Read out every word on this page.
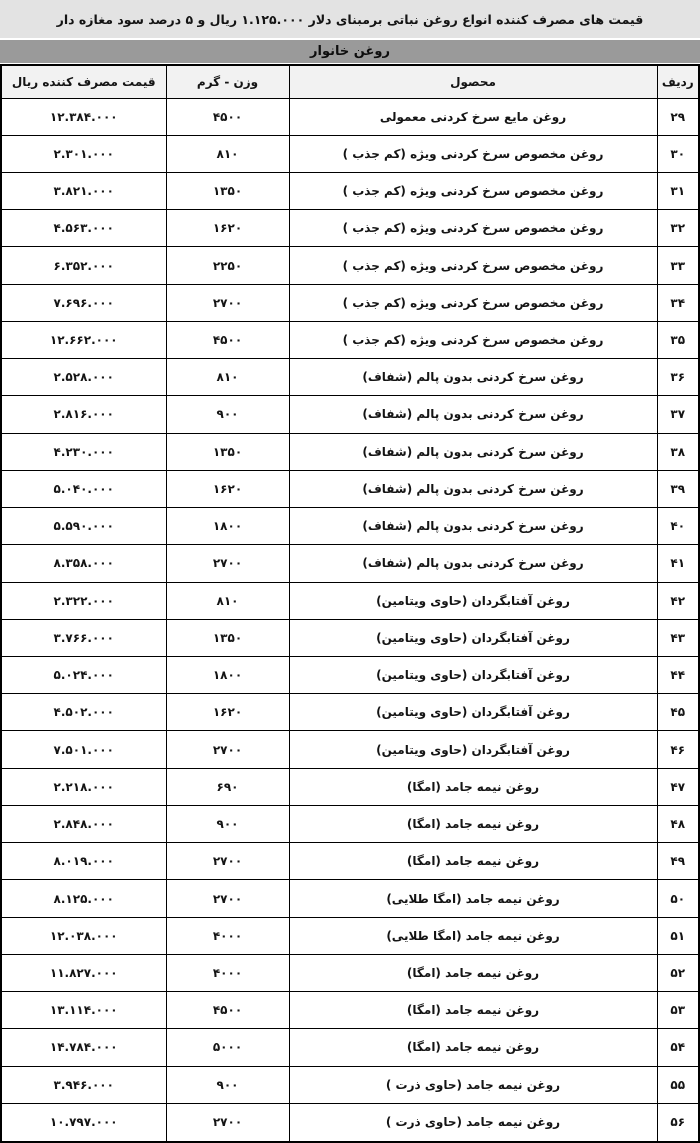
قیمت های مصرف کننده انواع روغن نباتی برمبنای دلار ۱.۱۲۵.۰۰۰ ریال و ۵ درصد سود مغازه دار
روغن خانوار
ردیف	محصول	وزن - گرم	قیمت مصرف کننده ریال
۲۹	روغن مایع سرخ کردنی معمولی	۴۵۰۰	۱۲.۳۸۴.۰۰۰
۳۰	روغن مخصوص سرخ کردنی ویژه (کم جذب )	۸۱۰	۲.۳۰۱.۰۰۰
۳۱	روغن مخصوص سرخ کردنی ویژه (کم جذب )	۱۳۵۰	۳.۸۲۱.۰۰۰
۳۲	روغن مخصوص سرخ کردنی ویژه (کم جذب )	۱۶۲۰	۴.۵۶۳.۰۰۰
۳۳	روغن مخصوص سرخ کردنی ویژه (کم جذب )	۲۲۵۰	۶.۳۵۲.۰۰۰
۳۴	روغن مخصوص سرخ کردنی ویژه (کم جذب )	۲۷۰۰	۷.۶۹۶.۰۰۰
۳۵	روغن مخصوص سرخ کردنی ویژه (کم جذب )	۴۵۰۰	۱۲.۶۶۲.۰۰۰
۳۶	روغن سرخ کردنی بدون پالم (شفاف)	۸۱۰	۲.۵۲۸.۰۰۰
۳۷	روغن سرخ کردنی بدون پالم (شفاف)	۹۰۰	۲.۸۱۶.۰۰۰
۳۸	روغن سرخ کردنی بدون پالم (شفاف)	۱۳۵۰	۴.۲۳۰.۰۰۰
۳۹	روغن سرخ کردنی بدون پالم (شفاف)	۱۶۲۰	۵.۰۴۰.۰۰۰
۴۰	روغن سرخ کردنی بدون پالم (شفاف)	۱۸۰۰	۵.۵۹۰.۰۰۰
۴۱	روغن سرخ کردنی بدون پالم (شفاف)	۲۷۰۰	۸.۳۵۸.۰۰۰
۴۲	روغن آفتابگردان (حاوی ویتامین)	۸۱۰	۲.۳۲۲.۰۰۰
۴۳	روغن آفتابگردان (حاوی ویتامین)	۱۳۵۰	۳.۷۶۶.۰۰۰
۴۴	روغن آفتابگردان (حاوی ویتامین)	۱۸۰۰	۵.۰۲۴.۰۰۰
۴۵	روغن آفتابگردان (حاوی ویتامین)	۱۶۲۰	۴.۵۰۲.۰۰۰
۴۶	روغن آفتابگردان (حاوی ویتامین)	۲۷۰۰	۷.۵۰۱.۰۰۰
۴۷	روغن نیمه جامد (امگا)	۶۹۰	۲.۲۱۸.۰۰۰
۴۸	روغن نیمه جامد (امگا)	۹۰۰	۲.۸۴۸.۰۰۰
۴۹	روغن نیمه جامد (امگا)	۲۷۰۰	۸.۰۱۹.۰۰۰
۵۰	روغن نیمه جامد (امگا طلایی)	۲۷۰۰	۸.۱۲۵.۰۰۰
۵۱	روغن نیمه جامد (امگا طلایی)	۴۰۰۰	۱۲.۰۳۸.۰۰۰
۵۲	روغن نیمه جامد (امگا)	۴۰۰۰	۱۱.۸۲۷.۰۰۰
۵۳	روغن نیمه جامد (امگا)	۴۵۰۰	۱۳.۱۱۴.۰۰۰
۵۴	روغن نیمه جامد (امگا)	۵۰۰۰	۱۴.۷۸۴.۰۰۰
۵۵	روغن نیمه جامد (حاوی ذرت )	۹۰۰	۳.۹۴۶.۰۰۰
۵۶	روغن نیمه جامد (حاوی ذرت )	۲۷۰۰	۱۰.۷۹۷.۰۰۰
